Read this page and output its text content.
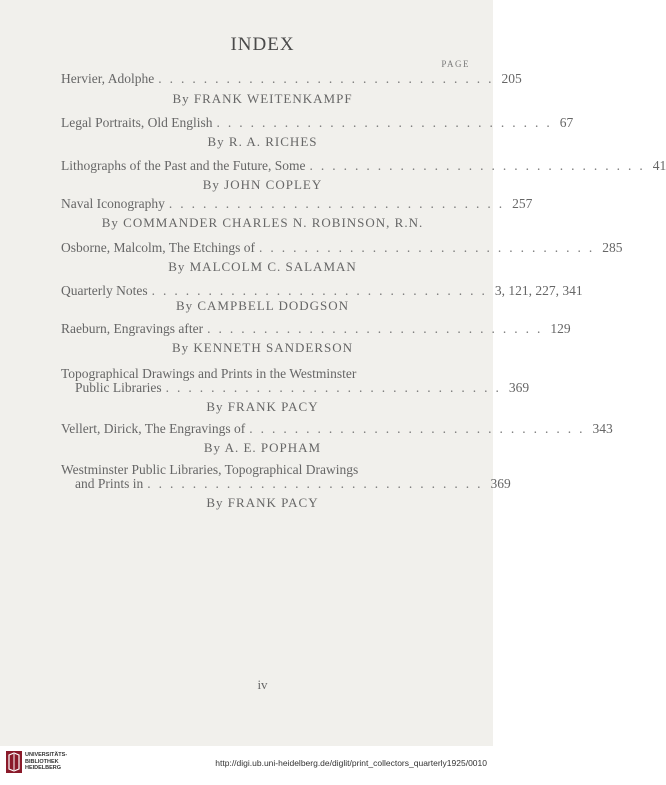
INDEX
PAGE
Hervier, Adolphe .............................. 205
By FRANK WEITENKAMPF
Legal Portraits, Old English .............................. 67
By R. A. RICHES
Lithographs of the Past and the Future, Some .............................. 41
By JOHN COPLEY
Naval Iconography .............................. 257
By COMMANDER CHARLES N. ROBINSON, R.N.
Osborne, Malcolm, The Etchings of .............................. 285
By MALCOLM C. SALAMAN
Quarterly Notes .............................. 3, 121, 227, 341
By CAMPBELL DODGSON
Raeburn, Engravings after .............................. 129
By KENNETH SANDERSON
Topographical Drawings and Prints in the Westminster
Public Libraries .............................. 369
By FRANK PACY
Vellert, Dirick, The Engravings of .............................. 343
By A. E. POPHAM
Westminster Public Libraries, Topographical Drawings
and Prints in .............................. 369
By FRANK PACY
iv
UNIVERSITÄTS-
BIBLIOTHEK
HEIDELBERG
http://digi.ub.uni-heidelberg.de/diglit/print_collectors_quarterly1925/0010
